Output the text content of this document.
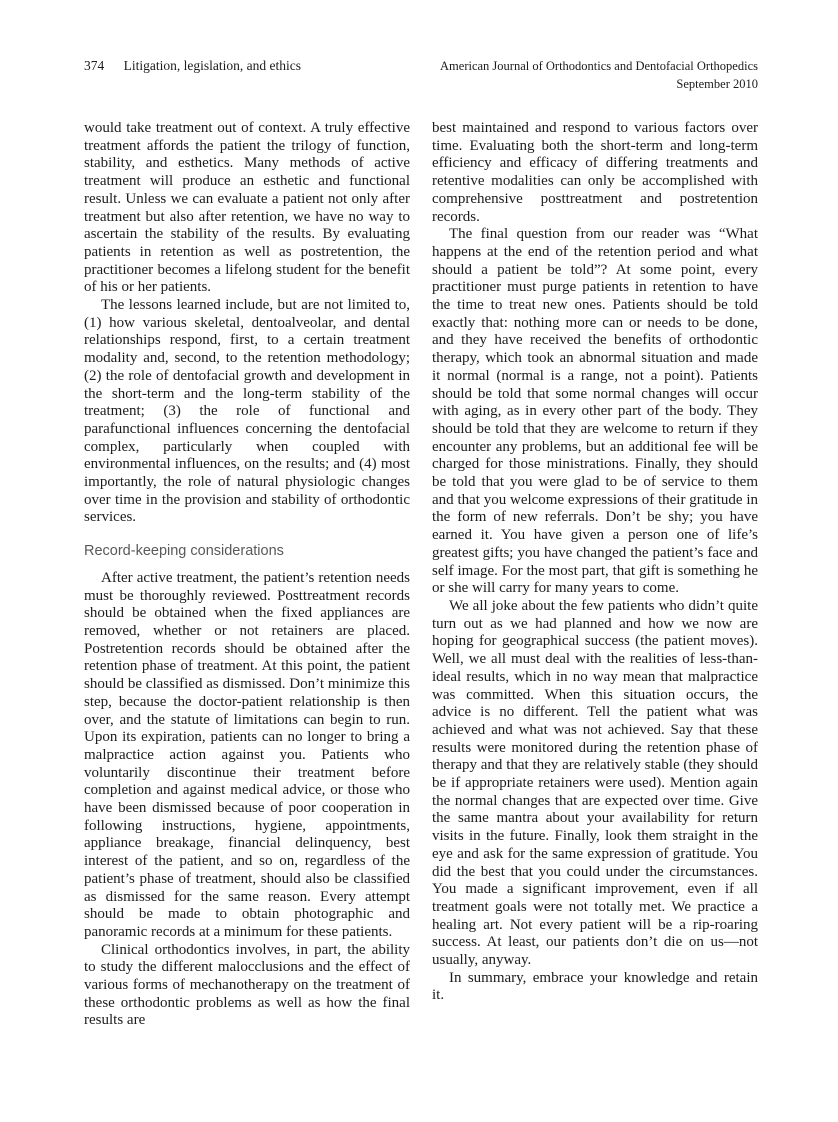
374 Litigation, legislation, and ethics	American Journal of Orthodontics and Dentofacial Orthopedics
September 2010

would take treatment out of context. A truly effective treatment affords the patient the trilogy of function, stability, and esthetics. Many methods of active treatment will produce an esthetic and functional result. Unless we can evaluate a patient not only after treatment but also after retention, we have no way to ascertain the stability of the results. By evaluating patients in retention as well as postretention, the practitioner becomes a lifelong student for the benefit of his or her patients.

The lessons learned include, but are not limited to, (1) how various skeletal, dentoalveolar, and dental relationships respond, first, to a certain treatment modality and, second, to the retention methodology; (2) the role of dentofacial growth and development in the short-term and the long-term stability of the treatment; (3) the role of functional and parafunctional influences concerning the dentofacial complex, particularly when coupled with environmental influences, on the results; and (4) most importantly, the role of natural physiologic changes over time in the provision and stability of orthodontic services.

Record-keeping considerations

After active treatment, the patient’s retention needs must be thoroughly reviewed. Posttreatment records should be obtained when the fixed appliances are removed, whether or not retainers are placed. Postretention records should be obtained after the retention phase of treatment. At this point, the patient should be classified as dismissed. Don’t minimize this step, because the doctor-patient relationship is then over, and the statute of limitations can begin to run. Upon its expiration, patients can no longer to bring a malpractice action against you. Patients who voluntarily discontinue their treatment before completion and against medical advice, or those who have been dismissed because of poor cooperation in following instructions, hygiene, appointments, appliance breakage, financial delinquency, best interest of the patient, and so on, regardless of the patient’s phase of treatment, should also be classified as dismissed for the same reason. Every attempt should be made to obtain photographic and panoramic records at a minimum for these patients.

Clinical orthodontics involves, in part, the ability to study the different malocclusions and the effect of various forms of mechanotherapy on the treatment of these orthodontic problems as well as how the final results are

best maintained and respond to various factors over time. Evaluating both the short-term and long-term efficiency and efficacy of differing treatments and retentive modalities can only be accomplished with comprehensive posttreatment and postretention records.

The final question from our reader was “What happens at the end of the retention period and what should a patient be told”? At some point, every practitioner must purge patients in retention to have the time to treat new ones. Patients should be told exactly that: nothing more can or needs to be done, and they have received the benefits of orthodontic therapy, which took an abnormal situation and made it normal (normal is a range, not a point). Patients should be told that some normal changes will occur with aging, as in every other part of the body. They should be told that they are welcome to return if they encounter any problems, but an additional fee will be charged for those ministrations. Finally, they should be told that you were glad to be of service to them and that you welcome expressions of their gratitude in the form of new referrals. Don’t be shy; you have earned it. You have given a person one of life’s greatest gifts; you have changed the patient’s face and self image. For the most part, that gift is something he or she will carry for many years to come.

We all joke about the few patients who didn’t quite turn out as we had planned and how we now are hoping for geographical success (the patient moves). Well, we all must deal with the realities of less-than-ideal results, which in no way mean that malpractice was committed. When this situation occurs, the advice is no different. Tell the patient what was achieved and what was not achieved. Say that these results were monitored during the retention phase of therapy and that they are relatively stable (they should be if appropriate retainers were used). Mention again the normal changes that are expected over time. Give the same mantra about your availability for return visits in the future. Finally, look them straight in the eye and ask for the same expression of gratitude. You did the best that you could under the circumstances. You made a significant improvement, even if all treatment goals were not totally met. We practice a healing art. Not every patient will be a rip-roaring success. At least, our patients don’t die on us—not usually, anyway.

In summary, embrace your knowledge and retain it.
